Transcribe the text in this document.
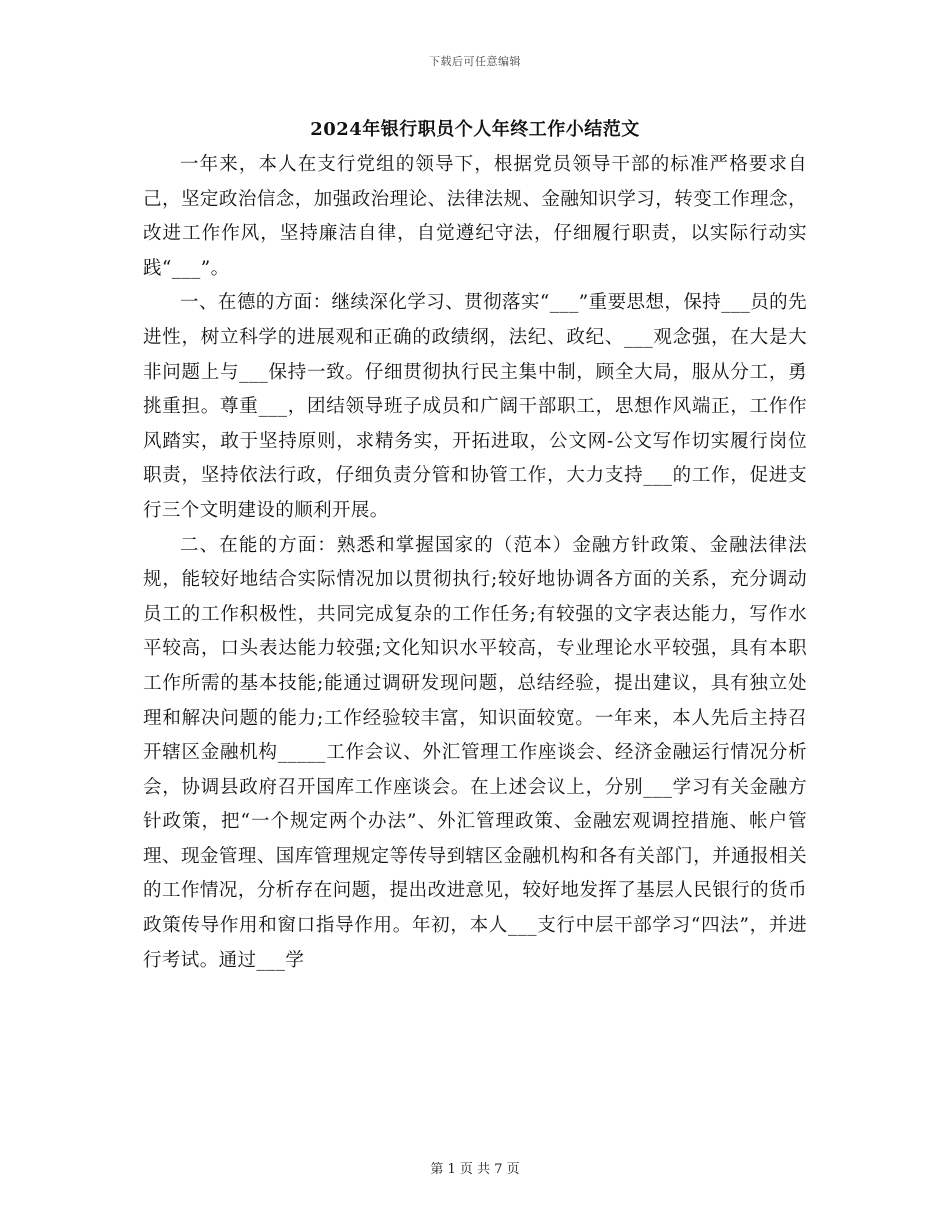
下载后可任意编辑
2024年银行职员个人年终工作小结范文

一年来，本人在支行党组的领导下，根据党员领导干部的标准严格要求自己，坚定政治信念，加强政治理论、法律法规、金融知识学习，转变工作理念，改进工作作风，坚持廉洁自律，自觉遵纪守法，仔细履行职责，以实际行动实践“___”。

一、在德的方面：继续深化学习、贯彻落实“___”重要思想，保持___员的先进性，树立科学的进展观和正确的政绩纲，法纪、政纪、___观念强，在大是大非问题上与___保持一致。仔细贯彻执行民主集中制，顾全大局，服从分工，勇挑重担。尊重___，团结领导班子成员和广阔干部职工，思想作风端正，工作作风踏实，敢于坚持原则，求精务实，开拓进取，公文网-公文写作切实履行岗位职责，坚持依法行政，仔细负责分管和协管工作，大力支持___的工作，促进支行三个文明建设的顺利开展。

二、在能的方面：熟悉和掌握国家的（范本）金融方针政策、金融法律法规，能较好地结合实际情况加以贯彻执行;较好地协调各方面的关系，充分调动员工的工作积极性，共同完成复杂的工作任务;有较强的文字表达能力，写作水平较高，口头表达能力较强;文化知识水平较高，专业理论水平较强，具有本职工作所需的基本技能;能通过调研发现问题，总结经验，提出建议，具有独立处理和解决问题的能力;工作经验较丰富，知识面较宽。一年来，本人先后主持召开辖区金融机构_____工作会议、外汇管理工作座谈会、经济金融运行情况分析会，协调县政府召开国库工作座谈会。在上述会议上，分别___学习有关金融方针政策，把“一个规定两个办法”、外汇管理政策、金融宏观调控措施、帐户管理、现金管理、国库管理规定等传导到辖区金融机构和各有关部门，并通报相关的工作情况，分析存在问题，提出改进意见，较好地发挥了基层人民银行的货币政策传导作用和窗口指导作用。年初，本人___支行中层干部学习“四法”，并进行考试。通过___学

第 1 页 共 7 页
